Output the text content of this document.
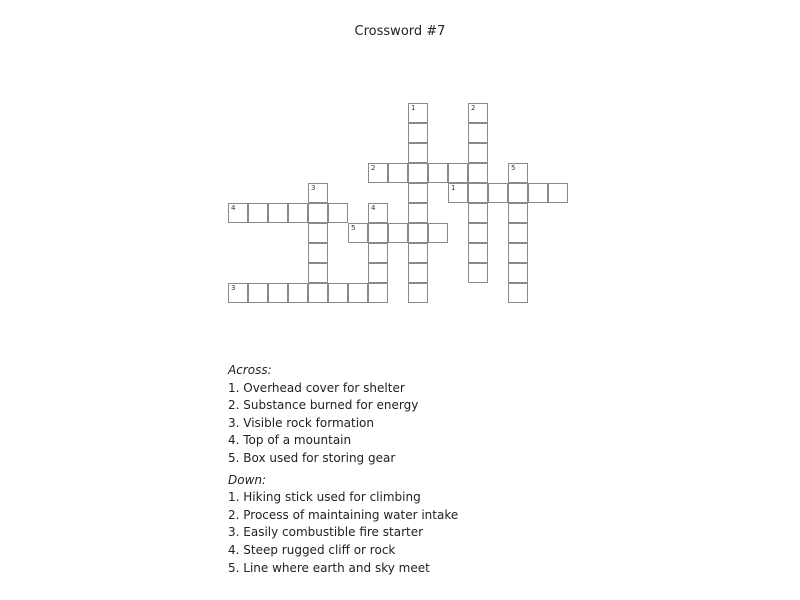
Crossword #7
1
2
3
4
5
1	2
3
4
5
Across:
1. Overhead cover for shelter
2. Substance burned for energy
3. Visible rock formation
4. Top of a mountain
5. Box used for storing gear
Down:
1. Hiking stick used for climbing
2. Process of maintaining water intake
3. Easily combustible fire starter
4. Steep rugged cliff or rock
5. Line where earth and sky meet
